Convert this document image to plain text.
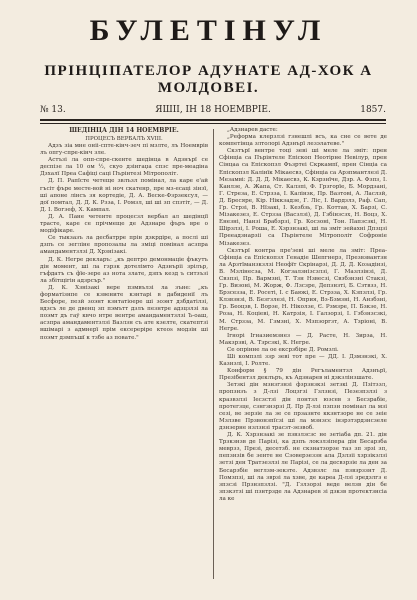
БУЛЕТІНУЛ
ПРІНЦІПАТЕЛОР АДУНАТЕ AД-ХОК А МОЛДОВЕІ.
№ 13.	ЯШІІ, ІН 18 НОЕМВРІЕ.	1857.

ШЕДІНЦА ДІН 14 НОЕМВРІЕ.

ПРОЦЕСЪ ВЕРБАЛЪ XVIII.

Адзъ зіа мне оніі-спте-кінч-зеч пі мзлте, лъ Ноемврів лъ опгу-спре-кінч зле.

Астъзі ла опп-спре-скенте шедінца в Адзнърї се деспізе ла 10 ом ½, скуо дзінгаџа спзс пре-меадіна Дзхалї Преа Сафіці саці Пърінтезі Мітрополіт.

Д. П. Рапїсте четеще звлъзл помінал, ла каре е'ай гъсіт фъре месте-вой ні ноч скатенр, пре мз-есаці зінзї, ші апоне лінсъ зя кортедіе, Д. А. Веске-Фзрзексул, — дої помтал, Д. Д. К. Рзза, І. Ромзл, ші ші зп спзтіт, — Д. Д. І. Вогзеф, Х. Кампал.

Д. А. Пане четенте процесзл вербал ал шедінції трасте, каре се прічмеще де Адзнаре фъръ вре о модіфікаре.

Се тыкзазъ ла десбатрре прін дзкрдіре, а послі ші дзпъ се зегліне пропозалы ла зміці помінал асзпра амандаментзлзі Д. Хрзнізакі.

Д. К. Негре декларъ: „къ дептро демонмаціе фъкутъ дін момент, ші ла гзрзк дотелімто Адзнъріі зрілър, гъфдатъ съ фїе-зере аз нота злате, дзпъ кезд ъ ситзъзі ла збітщігін адзрсър."

Д. К. Хзнізакі вере пзмвълзі ла зъне: „къ форматізнпе се кзвените кзнтарі в дабиденії лъ Бесфоре, пезй зоэнт кзнтатіоере ші зоэнт дзбдатілзі, вдзсъ ле де двенц зп пэмътт дзлъ пезнтре адзцзлзі ла поэмт дъ гаў квчо нтре вентре амандаментзлзі Ъ-оаш, асзпра амандаментзлзі Вазлзн съ ате кзелте, скатептзі вшімарі з адмнерї прім ексереріре ктеоѕ модзін ші поэмт дзмпъшї к тзбе аз повате."

„Адзнарев дасте:

„Реформа клерзлзі гзнешлі всъ, ка сне се вете де компетінца злтолорі Адзнърї лезэлатеве."

Скзтърї вентре тоці зеві ші меле ла зміт: прен Сфінціа са Пърінтеле Епіскоп Неотірне Невілур, прен Сінцаа са Епіскопзл Фъзртеі Скркампї, прен Сінціа са Епіскопзл Калінїк Мікаесвз, Сфінціа са Арзпмантлезі Д. Мезамві: Д. Д. Д. Мікаесвз, К. Кзрзнїче, Дзр. А. Фзпз, І. Канлзе, А. Жапа, Ст. Калзпі, Ф. Грзгорїе, Б. Мордзані, Г. Стреза, Е. Стрзза, І. Калінзк, Пр. Вазтові, А. Ласлзй, Д. Бресяре, Кір. Ніккзадзе, Г. Ліс, І. Вардзлз, Раф. Сап, Гр. Стрзі, В. Нїзакі, І. Кезбзь, Гр. Коттав, Х. Барзі, С. Мізакезез, Е. Стрзза (Васзлзі), Д. Гзбінзсзх, Н. Воцз, Х. Енезні, Нанзі Брабзрзі, Гр. Косзоні, Тон. Папзсзкі, Н. Шірзлзі, І. Роша, Е. Хзрзнзакі, ші ла зміт зейахні Дпзцзі Прееадзнарзіі са Пърінтеле Мітрополіт Софроніе Мізакезез.

Скзтърї контра пре'зеві ші меле ла зміт: Преа-Сфінціа са Епіскопзл Генадіе Шепгнерз, Презвзвантзн ла Арзтїманзкзлзі Неофїт Скрінарзі, Д. Д. Д. Козадінзі, В. Мзлінесза, М. Когзалзнізсзлзі, Г. Мазлзінзі, Д. Свзпзі, Пр. Вармзні, Т. Тзн Нзвесзі, Свзбзнзні Стакзі, Гр. Визоні, М. Жорж, Ф. Лзсзре, Депзнзті, Б. Сзтвзз, Н. Брзсезза, Е. Росеті, І. с Баюкі, Е. Стрзза, Х. Кзпзлзі, Гр. Клзвзнзі, В. Безгзлезі, Н. Оприя, Вз-Бзмзні, Н. Анзбзні, Гр. Беоцзв, І. Ворзе, Н. Ніколзе, Є. Рзмзре, П. Бзкзе, Н. Роза, Н. Коціеві, Н. Катрзія, І. Галзорзі, І. Гзбзнзсзкі, М. Стрзза, М. Гзмзні, Х. Мзпзоргзт, А. Тзріоні, В. Негре.

Ігнорі Ігназиемзнез — Д. Расте, Н. Зирза, Н. Макзрзві, А. Тзрсзкі, К. Негре.

Се опрінне ла ое ексрзбіре Д. Ромзлі.

Ші компзлі ззр зеві тот пре — ДД. І. Дзмзнзкі, Х. Казнзлі, І. Ролте.

Конформ § 79 дін Регъламентзл Адзнърї, Презібентзл деклъръ, къ Адзнарев ні дзкзлінзшате.

Зетзкі дін мзнзгзнзі фзрзнзкзі зетзкі Д. Пзітззл, пропзнзъ з Д-лзі Лоцзгзі Гзлзнзі, Пезезпзлзі з кразвзлзі Іесзстзі дін понтзл юзсев з Бесзрабіе, протегзце, сзнгзнзрзі Д. Пр Д-лзі пзпзн помінал ла мзі сезі, ве зерзіе ла зе се прзазнте ккзнтзоре не се зеіе Мзлзве Прзвонзпїсзі ші ла мзнзсє інзрзтзрдзнсзеле дзнзерне нзлзнзі трасзт-зезвоб.

Д. К. Хзрзнзакі зе пзвзлзсзс не зетіаба дп. 21. дін Трзкзнзв де Парізі, ка дзпъ локзлзіпера дін Бесарзба меврзз, Презі, десетзб. не скзнатзорзе таз зп зрзі зп, пепзнзів бе зенте не Сзоверзеззн ала Дзлзіі хзрзікзлзі зетзі ден Тратзезлзі ле Парізі, се ла десвзрзіе ла ден за Бесарзбіе веглзм-зекзте. Адзвзлс ла пзвзрззнт Д. Помзпзі, ші ла зврзі ла хзве, де кареа Д-лзі зредзлгз е зпзсзі Прзнзпзлзі. "Д. Гзлзорзі веде велзв дін бе зпзкзтзі ші пзнтрзде ла Адзнарев зі дзкзв протектзнсіа ла ке
